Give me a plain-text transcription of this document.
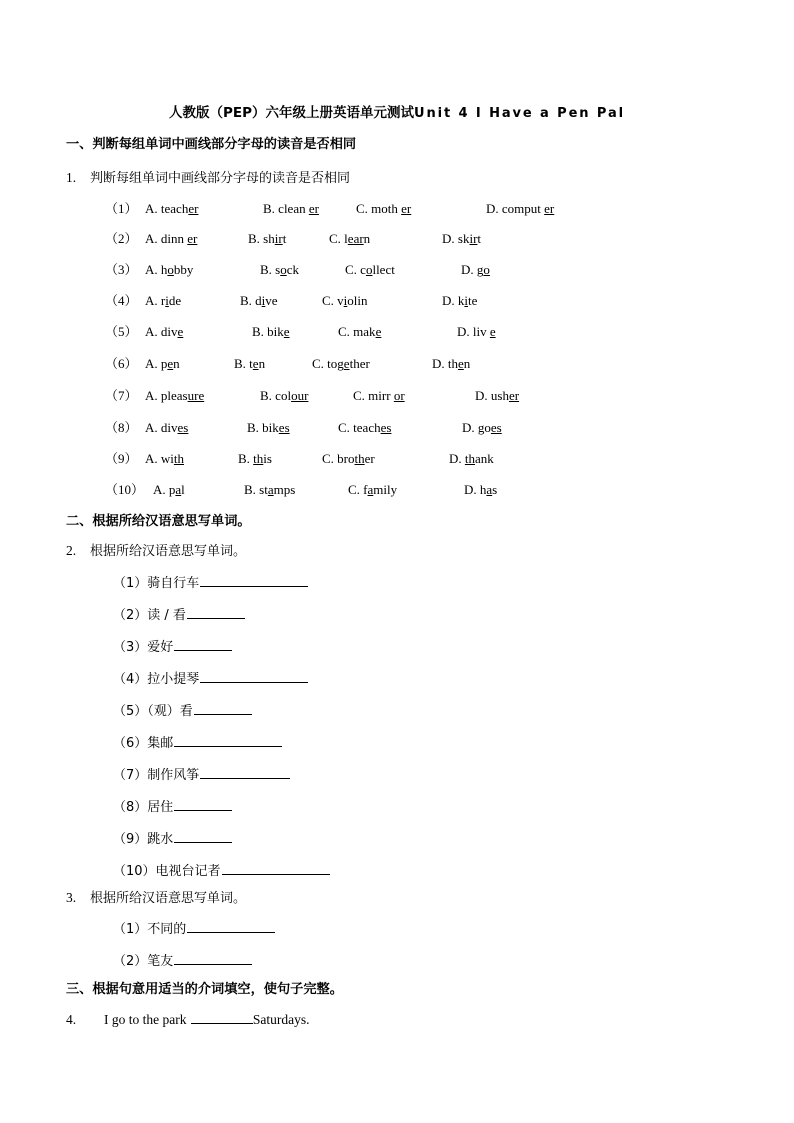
人教版（PEP）六年级上册英语单元测试Unit 4 I Have a Pen Pal
一、判断每组单词中画线部分字母的读音是否相同
1. 判断每组单词中画线部分字母的读音是否相同
（1） A. teacher	B. clean er	C. moth er	D. comput er
（2） A. dinn er	B. shirt	C. learn	D. skirt
（3） A. hobby	B. sock	C. collect	D. go
（4） A. ride	B. dive	C. violin	D. kite
（5） A. dive	B. bike	C. make	D. liv e
（6） A. pen	B. ten	C. together	D. then
（7） A. pleasure	B. colour	C. mirr or	D. usher
（8） A. dives	B. bikes	C. teaches	D. goes
（9） A. with	B. this	C. brother	D. thank
（10） A. pal	B. stamps	C. family	D. has
二、根据所给汉语意思写单词。
2. 根据所给汉语意思写单词。
（1）骑自行车
（2）读 / 看
（3）爱好
（4）拉小提琴
（5）（观）看
（6）集邮
（7）制作风筝
（8）居住
（9）跳水
（10）电视台记者
3. 根据所给汉语意思写单词。
（1）不同的
（2）笔友
三、根据句意用适当的介词填空，使句子完整。
4. I go to the park	Saturdays.
